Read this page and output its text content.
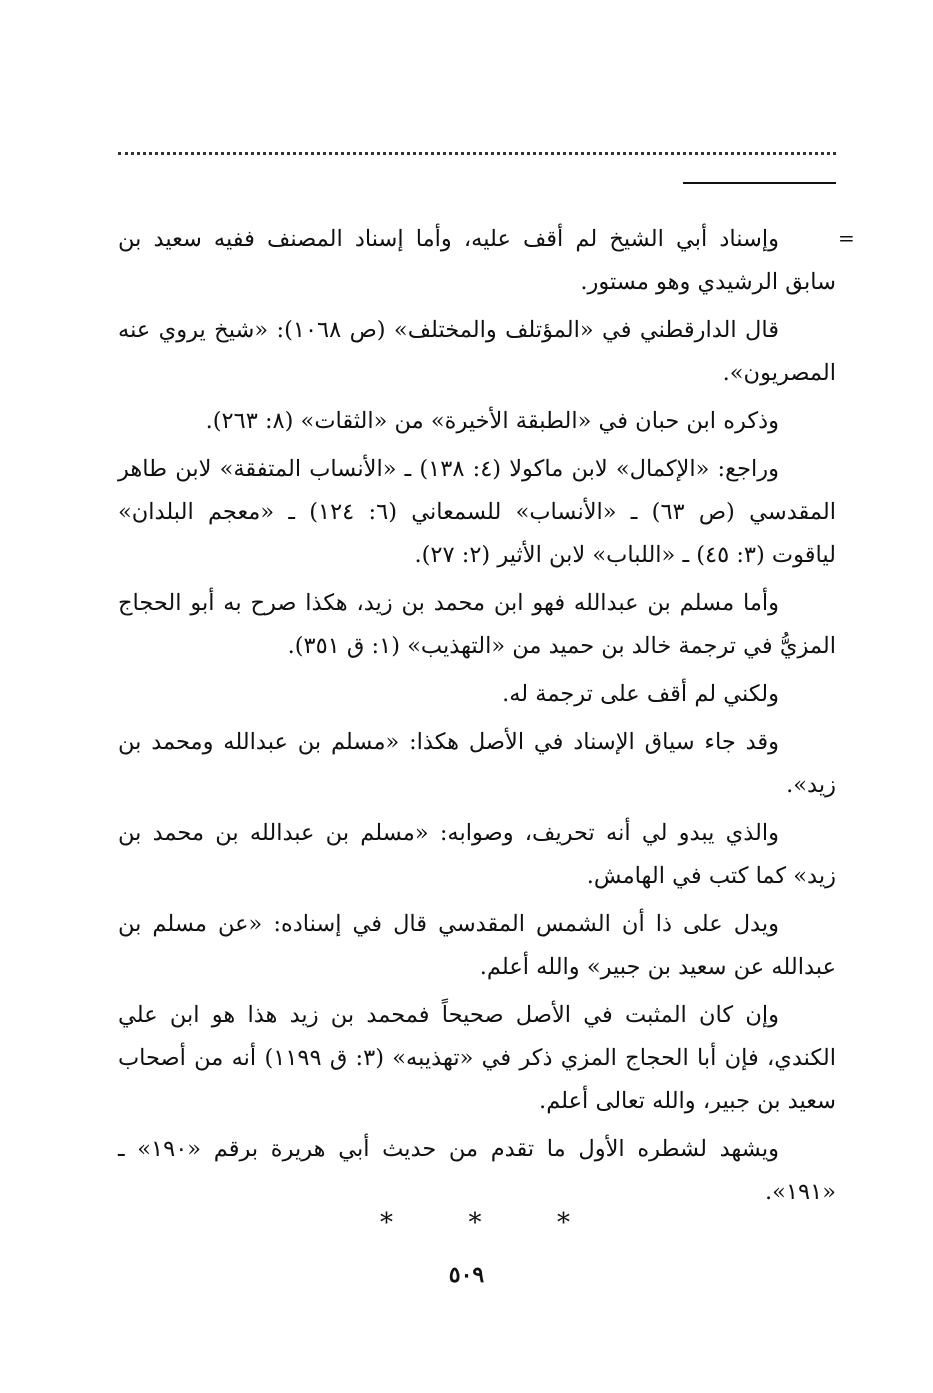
=

وإسناد أبي الشيخ لم أقف عليه، وأما إسناد المصنف ففيه سعيد بن سابق الرشيدي وهو مستور.

قال الدارقطني في «المؤتلف والمختلف» (ص ١٠٦٨): «شيخ يروي عنه المصريون».

وذكره ابن حبان في «الطبقة الأخيرة» من «الثقات» (٨: ٢٦٣).

وراجع: «الإكمال» لابن ماكولا (٤: ١٣٨) ـ «الأنساب المتفقة» لابن طاهر المقدسي (ص ٦٣) ـ «الأنساب» للسمعاني (٦: ١٢٤) ـ «معجم البلدان» لياقوت (٣: ٤٥) ـ «اللباب» لابن الأثير (٢: ٢٧).

وأما مسلم بن عبدالله فهو ابن محمد بن زيد، هكذا صرح به أبو الحجاج المزيُّ في ترجمة خالد بن حميد من «التهذيب» (١: ق ٣٥١).

ولكني لم أقف على ترجمة له.

وقد جاء سياق الإسناد في الأصل هكذا: «مسلم بن عبدالله ومحمد بن زيد».

والذي يبدو لي أنه تحريف، وصوابه: «مسلم بن عبدالله بن محمد بن زيد» كما كتب في الهامش.

ويدل على ذا أن الشمس المقدسي قال في إسناده: «عن مسلم بن عبدالله عن سعيد بن جبير» والله أعلم.

وإن كان المثبت في الأصل صحيحاً فمحمد بن زيد هذا هو ابن علي الكندي، فإن أبا الحجاج المزي ذكر في «تهذيبه» (٣: ق ١١٩٩) أنه من أصحاب سعيد بن جبير، والله تعالى أعلم.

ويشهد لشطره الأول ما تقدم من حديث أبي هريرة برقم «١٩٠» ـ «١٩١».

*	*	*
٥٠٩
